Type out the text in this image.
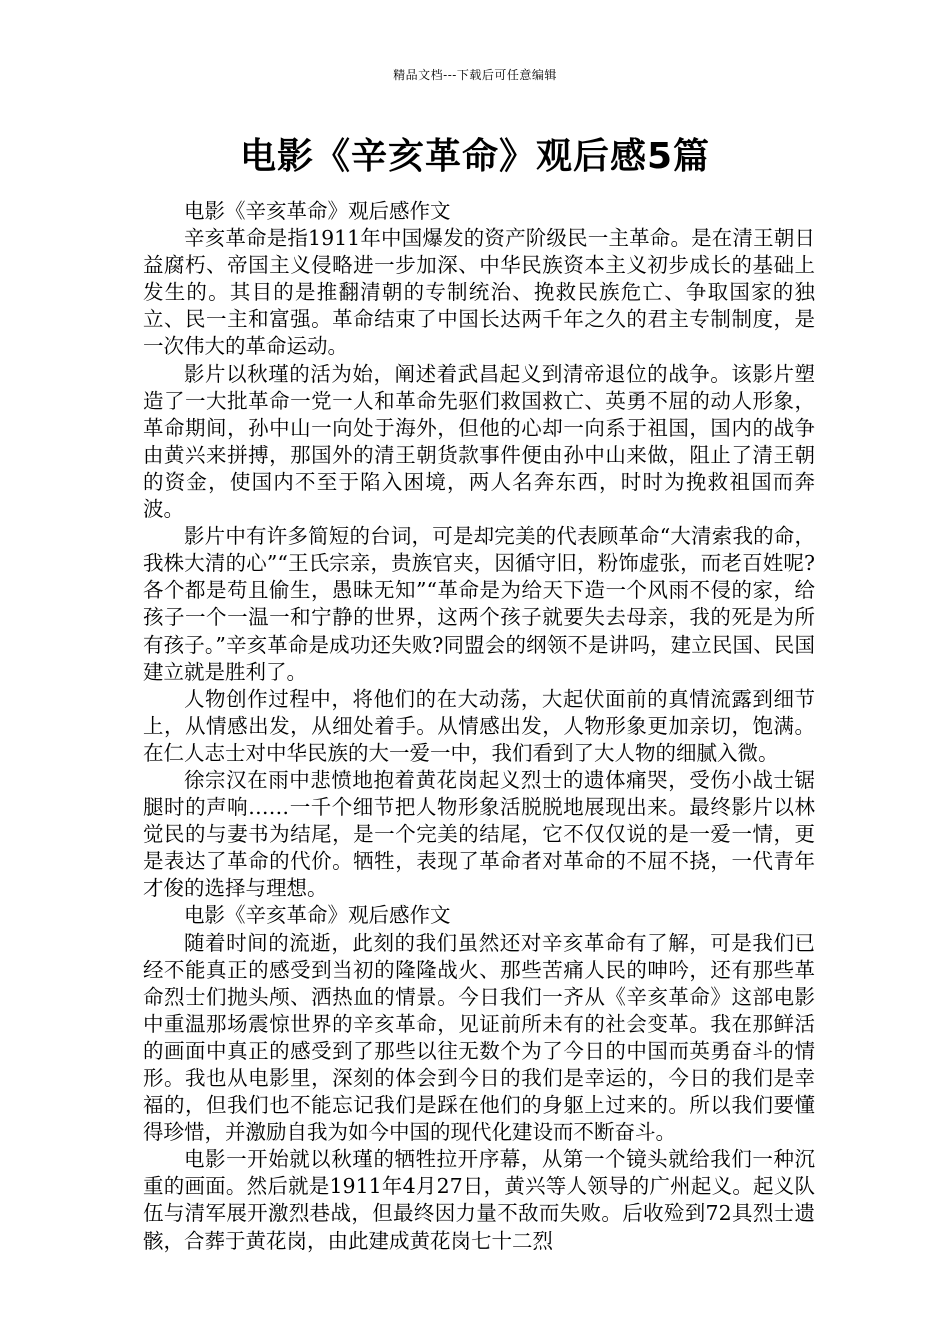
精品文档---下载后可任意编辑
电影《辛亥革命》观后感5篇

电影《辛亥革命》观后感作文

辛亥革命是指1911年中国爆发的资产阶级民一主革命。是在清王朝日益腐朽、帝国主义侵略进一步加深、中华民族资本主义初步成长的基础上发生的。其目的是推翻清朝的专制统治、挽救民族危亡、争取国家的独立、民一主和富强。革命结束了中国长达两千年之久的君主专制制度，是一次伟大的革命运动。

影片以秋瑾的活为始，阐述着武昌起义到清帝退位的战争。该影片塑造了一大批革命一党一人和革命先驱们救国救亡、英勇不屈的动人形象，革命期间，孙中山一向处于海外，但他的心却一向系于祖国，国内的战争由黄兴来拼搏，那国外的清王朝货款事件便由孙中山来做，阻止了清王朝的资金，使国内不至于陷入困境，两人名奔东西，时时为挽救祖国而奔波。

影片中有许多简短的台词，可是却完美的代表顾革命“大清索我的命，我株大清的心”“王氏宗亲，贵族官夹，因循守旧，粉饰虚张，而老百姓呢?各个都是苟且偷生，愚昧无知”“革命是为给天下造一个风雨不侵的家，给孩子一个一温一和宁静的世界，这两个孩子就要失去母亲，我的死是为所有孩子。”辛亥革命是成功还失败?同盟会的纲领不是讲吗，建立民国、民国建立就是胜利了。

人物创作过程中，将他们的在大动荡，大起伏面前的真情流露到细节上，从情感出发，从细处着手。从情感出发，人物形象更加亲切，饱满。在仁人志士对中华民族的大一爱一中，我们看到了大人物的细腻入微。

徐宗汉在雨中悲愤地抱着黄花岗起义烈士的遗体痛哭，受伤小战士锯腿时的声响……一千个细节把人物形象活脱脱地展现出来。最终影片以林觉民的与妻书为结尾，是一个完美的结尾，它不仅仅说的是一爱一情，更是表达了革命的代价。牺牲，表现了革命者对革命的不屈不挠，一代青年才俊的选择与理想。

电影《辛亥革命》观后感作文

随着时间的流逝，此刻的我们虽然还对辛亥革命有了解，可是我们已经不能真正的感受到当初的隆隆战火、那些苦痛人民的呻吟，还有那些革命烈士们抛头颅、洒热血的情景。今日我们一齐从《辛亥革命》这部电影中重温那场震惊世界的辛亥革命，见证前所未有的社会变革。我在那鲜活的画面中真正的感受到了那些以往无数个为了今日的中国而英勇奋斗的情形。我也从电影里，深刻的体会到今日的我们是幸运的，今日的我们是幸福的，但我们也不能忘记我们是踩在他们的身躯上过来的。所以我们要懂得珍惜，并激励自我为如今中国的现代化建设而不断奋斗。

电影一开始就以秋瑾的牺牲拉开序幕，从第一个镜头就给我们一种沉重的画面。然后就是1911年4月27日，黄兴等人领导的广州起义。起义队伍与清军展开激烈巷战，但最终因力量不敌而失败。后收殓到72具烈士遗骸，合葬于黄花岗，由此建成黄花岗七十二烈
